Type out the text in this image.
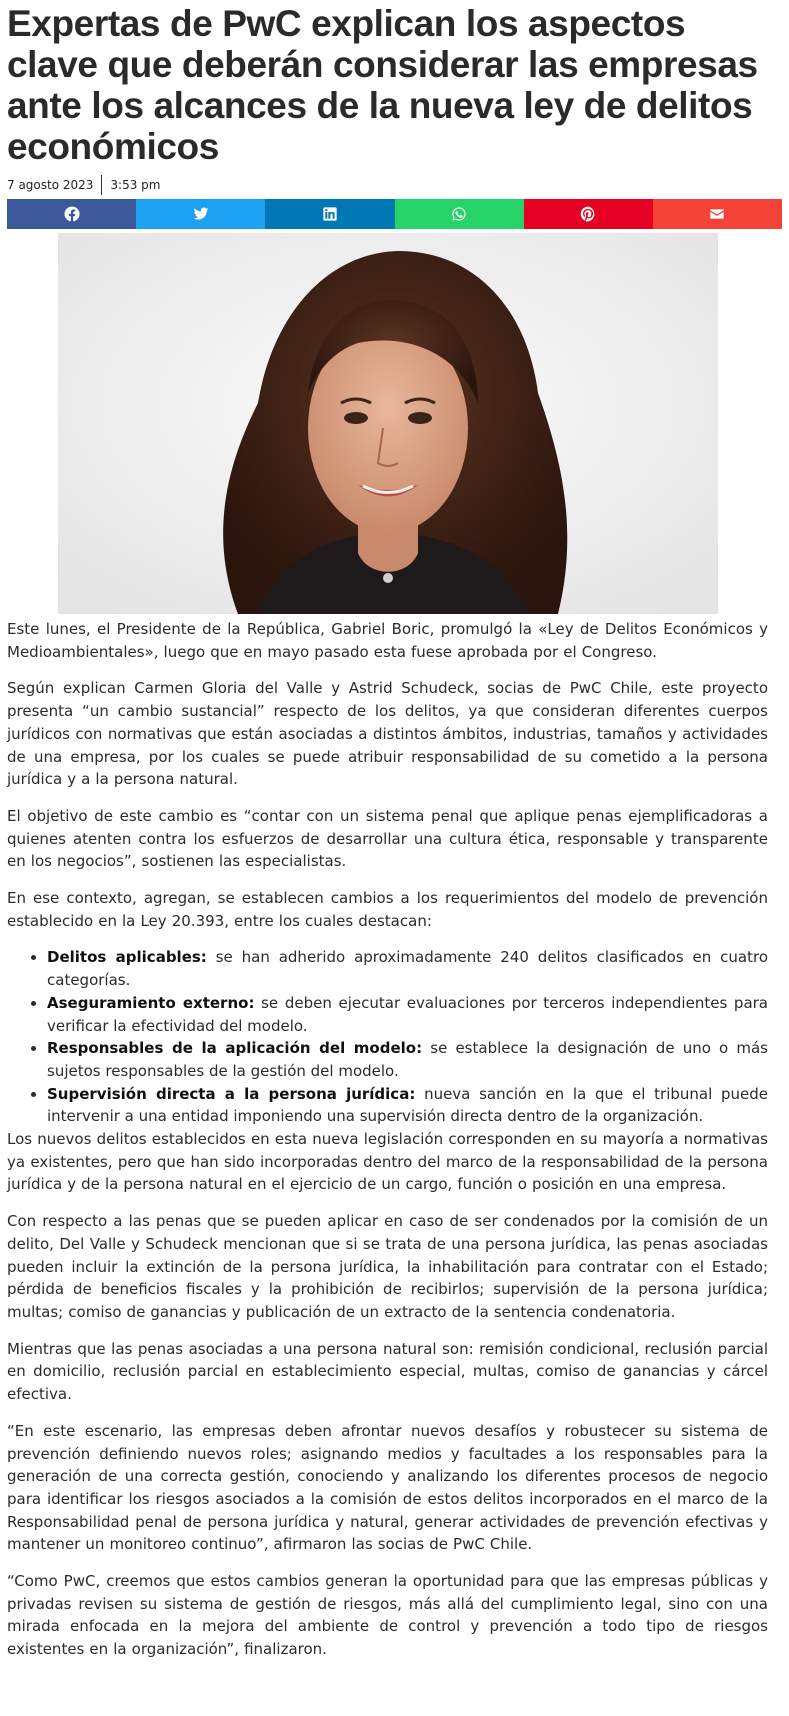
Expertas de PwC explican los aspectos clave que deberán considerar las empresas ante los alcances de la nueva ley de delitos económicos
7 agosto 2023 3:53 pm

Este lunes, el Presidente de la República, Gabriel Boric, promulgó la «Ley de Delitos Económicos y Medioambientales», luego que en mayo pasado esta fuese aprobada por el Congreso.

Según explican Carmen Gloria del Valle y Astrid Schudeck, socias de PwC Chile, este proyecto presenta “un cambio sustancial” respecto de los delitos, ya que consideran diferentes cuerpos jurídicos con normativas que están asociadas a distintos ámbitos, industrias, tamaños y actividades de una empresa, por los cuales se puede atribuir responsabilidad de su cometido a la persona jurídica y a la persona natural.

El objetivo de este cambio es “contar con un sistema penal que aplique penas ejemplificadoras a quienes atenten contra los esfuerzos de desarrollar una cultura ética, responsable y transparente en los negocios”, sostienen las especialistas.

En ese contexto, agregan, se establecen cambios a los requerimientos del modelo de prevención establecido en la Ley 20.393, entre los cuales destacan:

• Delitos aplicables: se han adherido aproximadamente 240 delitos clasificados en cuatro categorías.
• Aseguramiento externo: se deben ejecutar evaluaciones por terceros independientes para verificar la efectividad del modelo.
• Responsables de la aplicación del modelo: se establece la designación de uno o más sujetos responsables de la gestión del modelo.
• Supervisión directa a la persona jurídica: nueva sanción en la que el tribunal puede intervenir a una entidad imponiendo una supervisión directa dentro de la organización.

Los nuevos delitos establecidos en esta nueva legislación corresponden en su mayoría a normativas ya existentes, pero que han sido incorporadas dentro del marco de la responsabilidad de la persona jurídica y de la persona natural en el ejercicio de un cargo, función o posición en una empresa.

Con respecto a las penas que se pueden aplicar en caso de ser condenados por la comisión de un delito, Del Valle y Schudeck mencionan que si se trata de una persona jurídica, las penas asociadas pueden incluir la extinción de la persona jurídica, la inhabilitación para contratar con el Estado; pérdida de beneficios fiscales y la prohibición de recibirlos; supervisión de la persona jurídica; multas; comiso de ganancias y publicación de un extracto de la sentencia condenatoria.

Mientras que las penas asociadas a una persona natural son: remisión condicional, reclusión parcial en domicilio, reclusión parcial en establecimiento especial, multas, comiso de ganancias y cárcel efectiva.

“En este escenario, las empresas deben afrontar nuevos desafíos y robustecer su sistema de prevención definiendo nuevos roles; asignando medios y facultades a los responsables para la generación de una correcta gestión, conociendo y analizando los diferentes procesos de negocio para identificar los riesgos asociados a la comisión de estos delitos incorporados en el marco de la Responsabilidad penal de persona jurídica y natural, generar actividades de prevención efectivas y mantener un monitoreo continuo”, afirmaron las socias de PwC Chile.

“Como PwC, creemos que estos cambios generan la oportunidad para que las empresas públicas y privadas revisen su sistema de gestión de riesgos, más allá del cumplimiento legal, sino con una mirada enfocada en la mejora del ambiente de control y prevención a todo tipo de riesgos existentes en la organización”, finalizaron.
